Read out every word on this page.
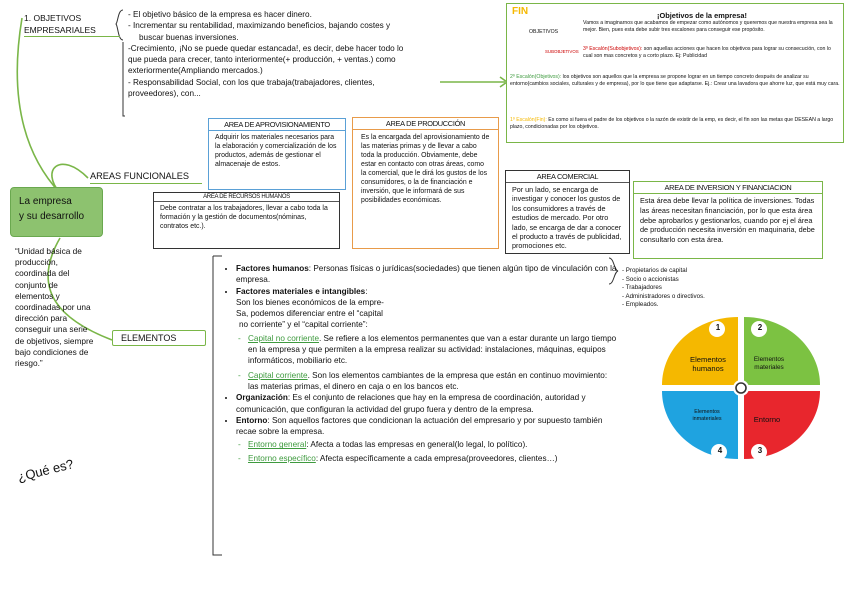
La empresa
y su desarrollo
“Unidad básica de producción, coordinada del conjunto de elementos y coordinadas por una dirección para conseguir una serie de objetivos, siempre bajo condiciones de riesgo.”
¿Qué es?
1. OBJETIVOS EMPRESARIALES
- El objetivo básico de la empresa es hacer dinero.
- Incrementar su rentabilidad, maximizando beneficios, bajando costes y
buscar buenas inversiones.
-Crecimiento, ¡No se puede quedar estancada!, es decir, debe hacer todo lo
que pueda para crecer, tanto interiormente(+ producción, + ventas.) como
exteriormente(Ampliando mercados.)
- Responsabilidad Social, con los que trabaja(trabajadores, clientes,
proveedores), con...
FIN
OBJETIVOS
SUBOBJETIVOS
¡Objetivos de la empresa!
Vamos a imaginarnos que acabamos de empezar como autónomos y queremos que nuestra empresa sea la mejor. Bien, pues esta debe subir tres escalones para conseguir ese propósito.
3º Escalón(Subobjetivos): son aquellas acciones que hacen los objetivos para lograr su consecución, con lo cual son mas concretos y a corto plazo. Ej: Publicidad
2º Escalón(Objetivos): los objetivos son aquellos que la empresa se propone lograr en un tiempo concreto después de analizar su entorno(cambios sociales, culturales y de empresa), por lo que tiene que adaptarse. Ej.: Crear una lavadora que ahorre luz, que está muy cara.
1º Escalón(Fin): Es como si fuera el padre de los objetivos o la razón de existir de la emp, es decir, el fin son las metas que DESEAN a largo plazo, condicionadas por los objetivos.
AREAS FUNCIONALES
AREA DE APROVISIONAMIENTO
Adquirir los materiales necesarios para la elaboración y comercialización de los productos, además de gestionar el almacenaje de estos.
AREA DE RECURSOS HUMANOS
Debe contratar a los trabajadores, llevar a cabo toda la formación y la gestión de documentos(nóminas, contratos etc.).
AREA DE PRODUCCIÓN
Es la encargada del aprovisionamiento de las materias primas y de llevar a cabo toda la producción. Obviamente, debe estar en contacto con otras áreas, como la comercial, que le dirá los gustos de los consumidores, o la de financiación e inversión, que le informará de sus posibilidades económicas.
AREA COMERCIAL
Por un lado, se encarga de investigar y conocer los gustos de los consumidores a través de estudios de mercado. Por otro lado, se encarga de dar a conocer el producto a través de publicidad, promociones etc.
AREA DE INVERSION Y FINANCIACION
Esta área debe llevar la política de inversiones. Todas las áreas necesitan financiación, por lo que esta área debe aprobarlos y gestionarlos, cuando por ej el área de producción necesita inversión en maquinaria, debe consultarlo con esta área.
ELEMENTOS
• Factores humanos: Personas físicas o jurídicas(sociedades) que tienen algún tipo de vinculación con la empresa.
• Factores materiales e intangibles:
Son los bienes económicos de la empre-
Sa, podemos diferenciar entre el “capital
no corriente” y el “capital corriente”:
- Capital no corriente. Se refiere a los elementos permanentes que van a estar durante un largo tiempo en la empresa y que permiten a la empresa realizar su actividad: instalaciones, máquinas, equipos informáticos, mobiliario etc.
- Capital corriente. Son los elementos cambiantes de la empresa que están en continuo movimiento: las materias primas, el dinero en caja o en los bancos etc.
• Organización: Es el conjunto de relaciones que hay en la empresa de coordinación, autoridad y comunicación, que configuran la actividad del grupo fuera y dentro de la empresa.
• Entorno: Son aquellos factores que condicionan la actuación del empresario y por supuesto también recae sobre la empresa.
- Entorno general: Afecta a todas las empresas en general(lo legal, lo político).
- Entorno específico: Afecta específicamente a cada empresa(proveedores, clientes…)
- Propietarios de capital
- Socio o accionistas
- Trabajadores
- Administradores o directivos.
- Empleados.
1	2
4	3
Elementos humanos
Elementos materiales
Elementos inmateriales	Entorno
